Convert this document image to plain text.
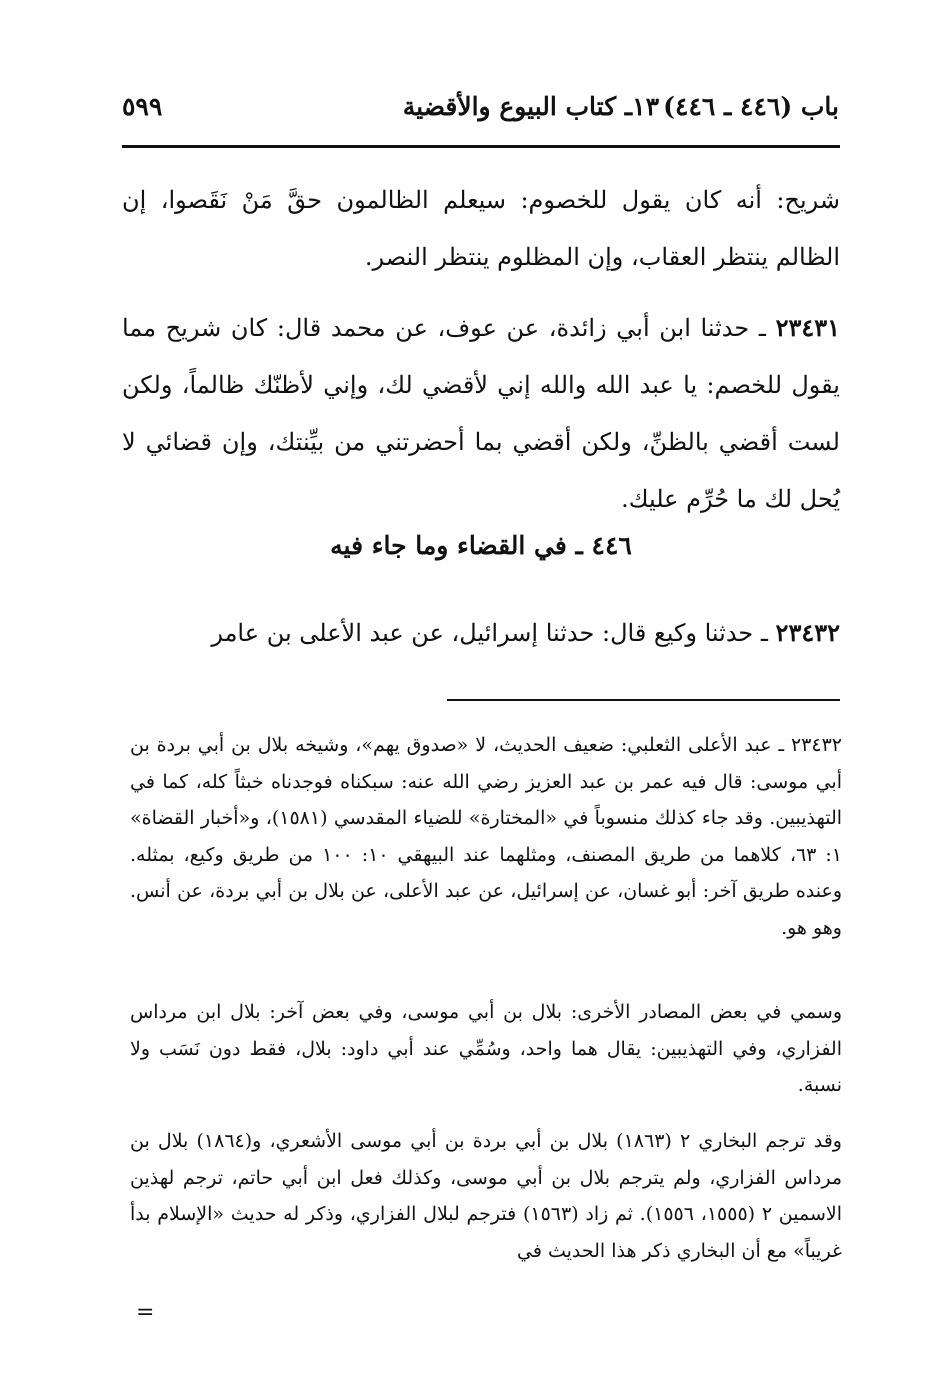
باب (٤٤٦ ـ ٤٤٦)
١٣ـ كتاب البيوع والأقضية
٥٩٩

شريح: أنه كان يقول للخصوم: سيعلم الظالمون حقَّ مَنْ نَقَصوا، إن الظالم ينتظر العقاب، وإن المظلوم ينتظر النصر.

٢٣٤٣١ ـ حدثنا ابن أبي زائدة، عن عوف، عن محمد قال: كان شريح مما يقول للخصم: يا عبد الله والله إني لأقضي لك، وإني لأظنّك ظالماً، ولكن لست أقضي بالظنِّ، ولكن أقضي بما أحضرتني من بيِّنتك، وإن قضائي لا يُحل لك ما حُرِّم عليك.

٤٤٦ ـ في القضاء وما جاء فيه

٢٣٤٣٢ ـ حدثنا وكيع قال: حدثنا إسرائيل، عن عبد الأعلى بن عامر

٢٣٤٣٢ ـ عبد الأعلى الثعلبي: ضعيف الحديث، لا «صدوق يهم»، وشيخه بلال بن أبي بردة بن أبي موسى: قال فيه عمر بن عبد العزيز رضي الله عنه: سبكناه فوجدناه خبثاً كله، كما في التهذيبين. وقد جاء كذلك منسوباً في «المختارة» للضياء المقدسي (١٥٨١)، و«أخبار القضاة» ١: ٦٣، كلاهما من طريق المصنف، ومثلهما عند البيهقي ١٠: ١٠٠ من طريق وكيع، بمثله. وعنده طريق آخر: أبو غسان، عن إسرائيل، عن عبد الأعلى، عن بلال بن أبي بردة، عن أنس. وهو هو.

وسمي في بعض المصادر الأخرى: بلال بن أبي موسى، وفي بعض آخر: بلال ابن مرداس الفزاري، وفي التهذيبين: يقال هما واحد، وسُمِّي عند أبي داود: بلال، فقط دون نَسَب ولا نسبة.

وقد ترجم البخاري ٢ (١٨٦٣) بلال بن أبي بردة بن أبي موسى الأشعري، و(١٨٦٤) بلال بن مرداس الفزاري، ولم يترجم بلال بن أبي موسى، وكذلك فعل ابن أبي حاتم، ترجم لهذين الاسمين ٢ (١٥٥٥، ١٥٥٦). ثم زاد (١٥٦٣) فترجم لبلال الفزاري، وذكر له حديث «الإسلام بدأ غريباً» مع أن البخاري ذكر هذا الحديث في

=
